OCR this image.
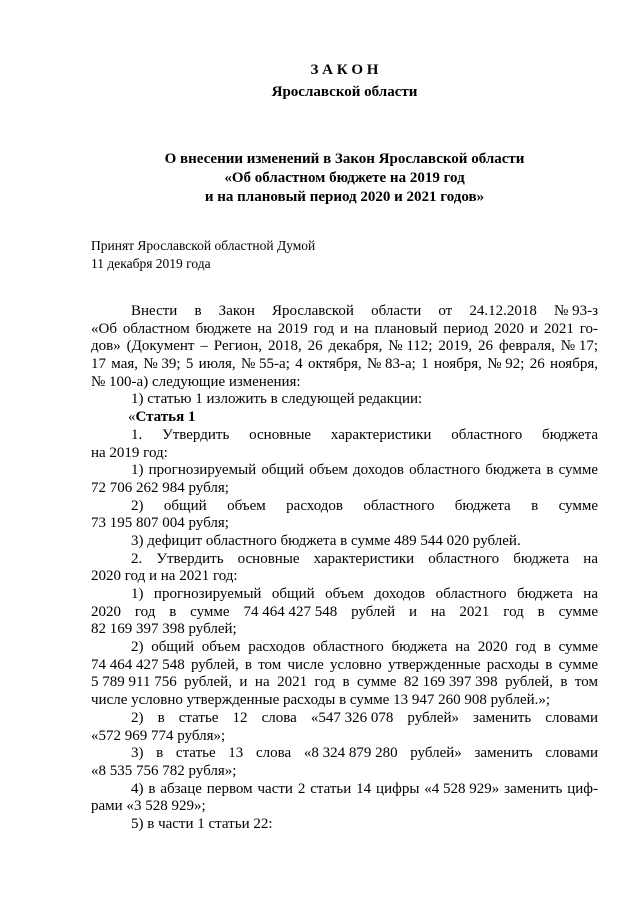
З А К О Н
Ярославской области
О внесении изменений в Закон Ярославской области
«Об областном бюджете на 2019 год
и на плановый период 2020 и 2021 годов»
Принят Ярославской областной Думой
11 декабря 2019 года
Внести в Закон Ярославской области от 24.12.2018 № 93-з
«Об областном бюджете на 2019 год и на плановый период 2020 и 2021 го-
дов» (Документ – Регион, 2018, 26 декабря, № 112; 2019, 26 февраля, № 17;
17 мая, № 39; 5 июля, № 55-а; 4 октября, № 83-а; 1 ноября, № 92; 26 ноября,
№ 100-а) следующие изменения:
1) статью 1 изложить в следующей редакции:
«Статья 1
1. Утвердить основные характеристики областного бюджета
на 2019 год:
1) прогнозируемый общий объем доходов областного бюджета в сумме
72 706 262 984 рубля;
2) общий объем расходов областного бюджета в сумме
73 195 807 004 рубля;
3) дефицит областного бюджета в сумме 489 544 020 рублей.
2. Утвердить основные характеристики областного бюджета на
2020 год и на 2021 год:
1) прогнозируемый общий объем доходов областного бюджета на
2020 год в сумме 74 464 427 548 рублей и на 2021 год в сумме
82 169 397 398 рублей;
2) общий объем расходов областного бюджета на 2020 год в сумме
74 464 427 548 рублей, в том числе условно утвержденные расходы в сумме
5 789 911 756 рублей, и на 2021 год в сумме 82 169 397 398 рублей, в том
числе условно утвержденные расходы в сумме 13 947 260 908 рублей.»;
2) в статье 12 слова «547 326 078 рублей» заменить словами
«572 969 774 рубля»;
3) в статье 13 слова «8 324 879 280 рублей» заменить словами
«8 535 756 782 рубля»;
4) в абзаце первом части 2 статьи 14 цифры «4 528 929» заменить циф-
рами «3 528 929»;
5) в части 1 статьи 22:
